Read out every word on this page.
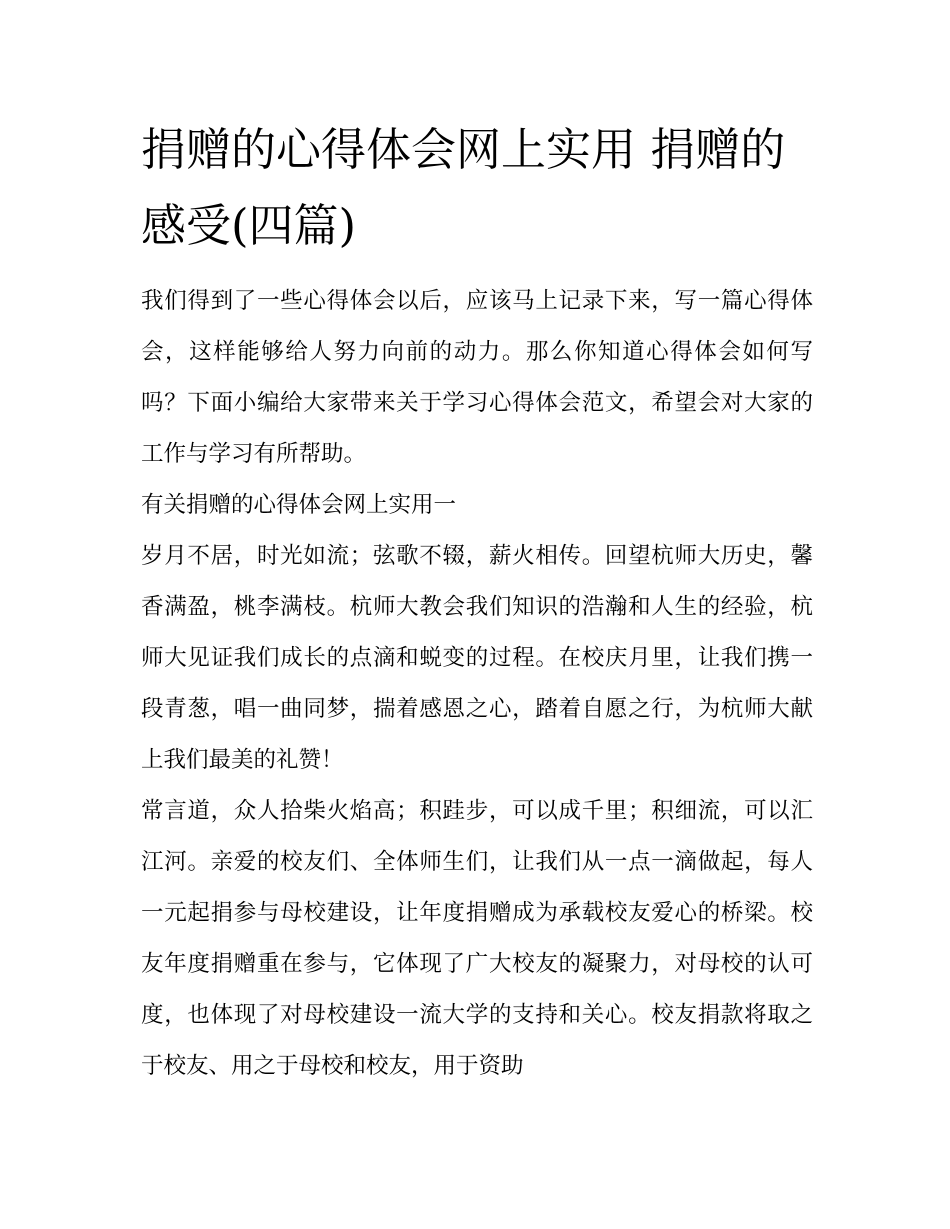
捐赠的心得体会网上实用 捐赠的感受(四篇)

我们得到了一些心得体会以后，应该马上记录下来，写一篇心得体会，这样能够给人努力向前的动力。那么你知道心得体会如何写吗？下面小编给大家带来关于学习心得体会范文，希望会对大家的工作与学习有所帮助。

有关捐赠的心得体会网上实用一

岁月不居，时光如流；弦歌不辍，薪火相传。回望杭师大历史，馨香满盈，桃李满枝。杭师大教会我们知识的浩瀚和人生的经验，杭师大见证我们成长的点滴和蜕变的过程。在校庆月里，让我们携一段青葱，唱一曲同梦，揣着感恩之心，踏着自愿之行，为杭师大献上我们最美的礼赞！

常言道，众人拾柴火焰高；积跬步，可以成千里；积细流，可以汇江河。亲爱的校友们、全体师生们，让我们从一点一滴做起，每人一元起捐参与母校建设，让年度捐赠成为承载校友爱心的桥梁。校友年度捐赠重在参与，它体现了广大校友的凝聚力，对母校的认可度，也体现了对母校建设一流大学的支持和关心。校友捐款将取之于校友、用之于母校和校友，用于资助
